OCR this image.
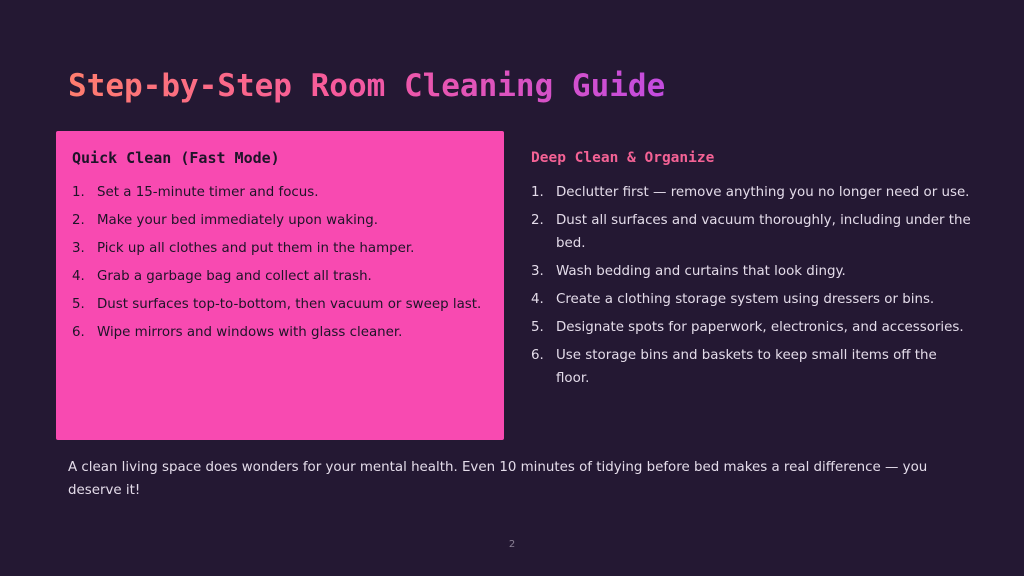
Step-by-Step Room Cleaning Guide
Quick Clean (Fast Mode)
1. Set a 15-minute timer and focus.
2. Make your bed immediately upon waking.
3. Pick up all clothes and put them in the hamper.
4. Grab a garbage bag and collect all trash.
5. Dust surfaces top-to-bottom, then vacuum or sweep last.
6. Wipe mirrors and windows with glass cleaner.
Deep Clean & Organize
1. Declutter first — remove anything you no longer need or use.
2. Dust all surfaces and vacuum thoroughly, including under the bed.
3. Wash bedding and curtains that look dingy.
4. Create a clothing storage system using dressers or bins.
5. Designate spots for paperwork, electronics, and accessories.
6. Use storage bins and baskets to keep small items off the floor.

A clean living space does wonders for your mental health. Even 10 minutes of tidying before bed makes a real difference — you deserve it!

2
